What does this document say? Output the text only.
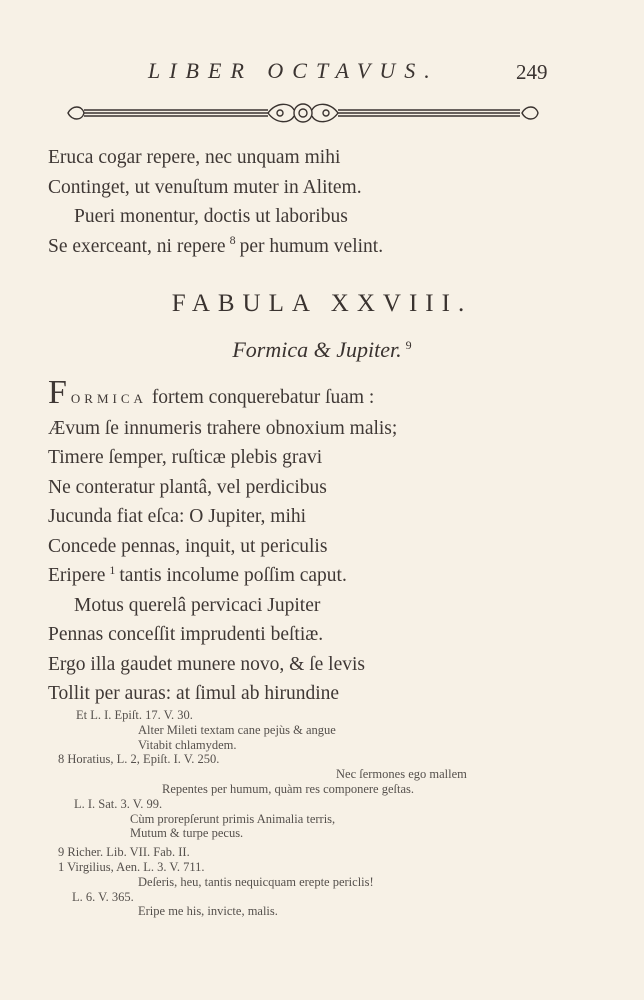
LIBER OCTAVUS.	249
Eruca cogar repere, nec unquam mihi
Continget, ut venuſtum muter in Alitem.
Pueri monentur, doctis ut laboribus
Se exerceant, ni repere $^8$ per humum velint.
FABULA XXVIII.
Formica & Jupiter. $^9$
FORMICA fortem conquerebatur ſuam :
Ævum ſe innumeris trahere obnoxium malis;
Timere ſemper, ruſticæ plebis gravi
Ne conteratur plantâ, vel perdicibus
Jucunda fiat eſca: O Jupiter, mihi
Concede pennas, inquit, ut periculis
Eripere $^1$ tantis incolume poſſim caput.
Motus querelâ pervicaci Jupiter
Pennas conceſſit imprudenti beſtiæ.
Ergo illa gaudet munere novo, & ſe levis
Tollit per auras: at ſimul ab hirundine
Et L. I. Epiſt. 17. V. 30.
Alter Mileti textam cane pejùs & angue
Vitabit chlamydem.
8 Horatius, L. 2, Epiſt. I. V. 250.
Nec ſermones ego mallem
Repentes per humum, quàm res componere geſtas.
L. I. Sat. 3. V. 99.
Cùm prorepſerunt primis Animalia terris,
Mutum & turpe pecus.
9 Richer. Lib. VII. Fab. II.
1 Virgilius, Aen. L. 3. V. 711.
Deſeris, heu, tantis nequicquam erepte periclis!
L. 6. V. 365.
Eripe me his, invicte, malis.
